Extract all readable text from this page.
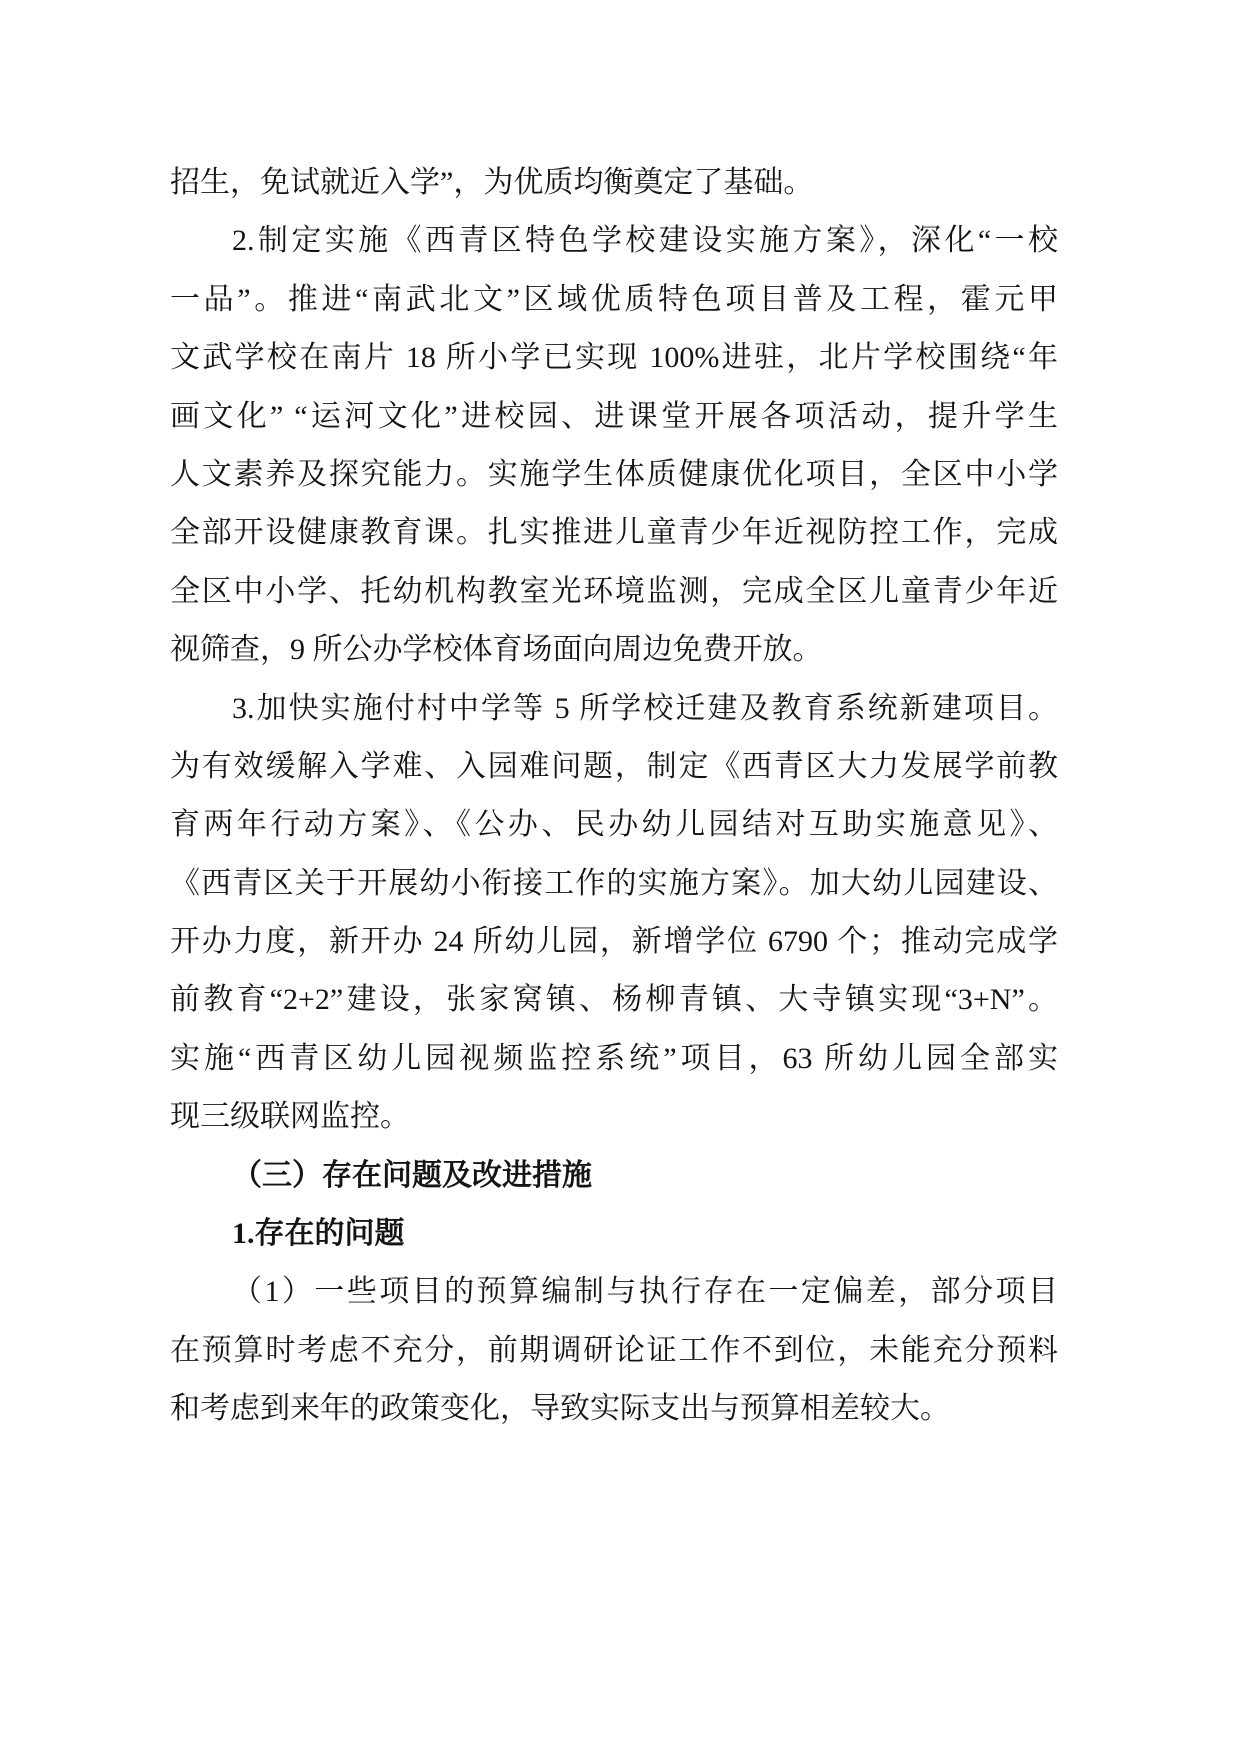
招生，免试就近入学”，为优质均衡奠定了基础。
2.制定实施《西青区特色学校建设实施方案》，深化“一校
一品”。推进“南武北文”区域优质特色项目普及工程，霍元甲
文武学校在南片 18 所小学已实现 100%进驻，北片学校围绕“年
画文化” “运河文化”进校园、进课堂开展各项活动，提升学生
人文素养及探究能力。实施学生体质健康优化项目，全区中小学
全部开设健康教育课。扎实推进儿童青少年近视防控工作，完成
全区中小学、托幼机构教室光环境监测，完成全区儿童青少年近
视筛查，9 所公办学校体育场面向周边免费开放。
3.加快实施付村中学等 5 所学校迁建及教育系统新建项目。
为有效缓解入学难、入园难问题，制定《西青区大力发展学前教
育两年行动方案》、《公办、民办幼儿园结对互助实施意见》、
《西青区关于开展幼小衔接工作的实施方案》。加大幼儿园建设、
开办力度，新开办 24 所幼儿园，新增学位 6790 个；推动完成学
前教育“2+2”建设，张家窝镇、杨柳青镇、大寺镇实现“3+N”。
实施“西青区幼儿园视频监控系统”项目，63 所幼儿园全部实
现三级联网监控。
（三）存在问题及改进措施
1.存在的问题
（1）一些项目的预算编制与执行存在一定偏差，部分项目
在预算时考虑不充分，前期调研论证工作不到位，未能充分预料
和考虑到来年的政策变化，导致实际支出与预算相差较大。
